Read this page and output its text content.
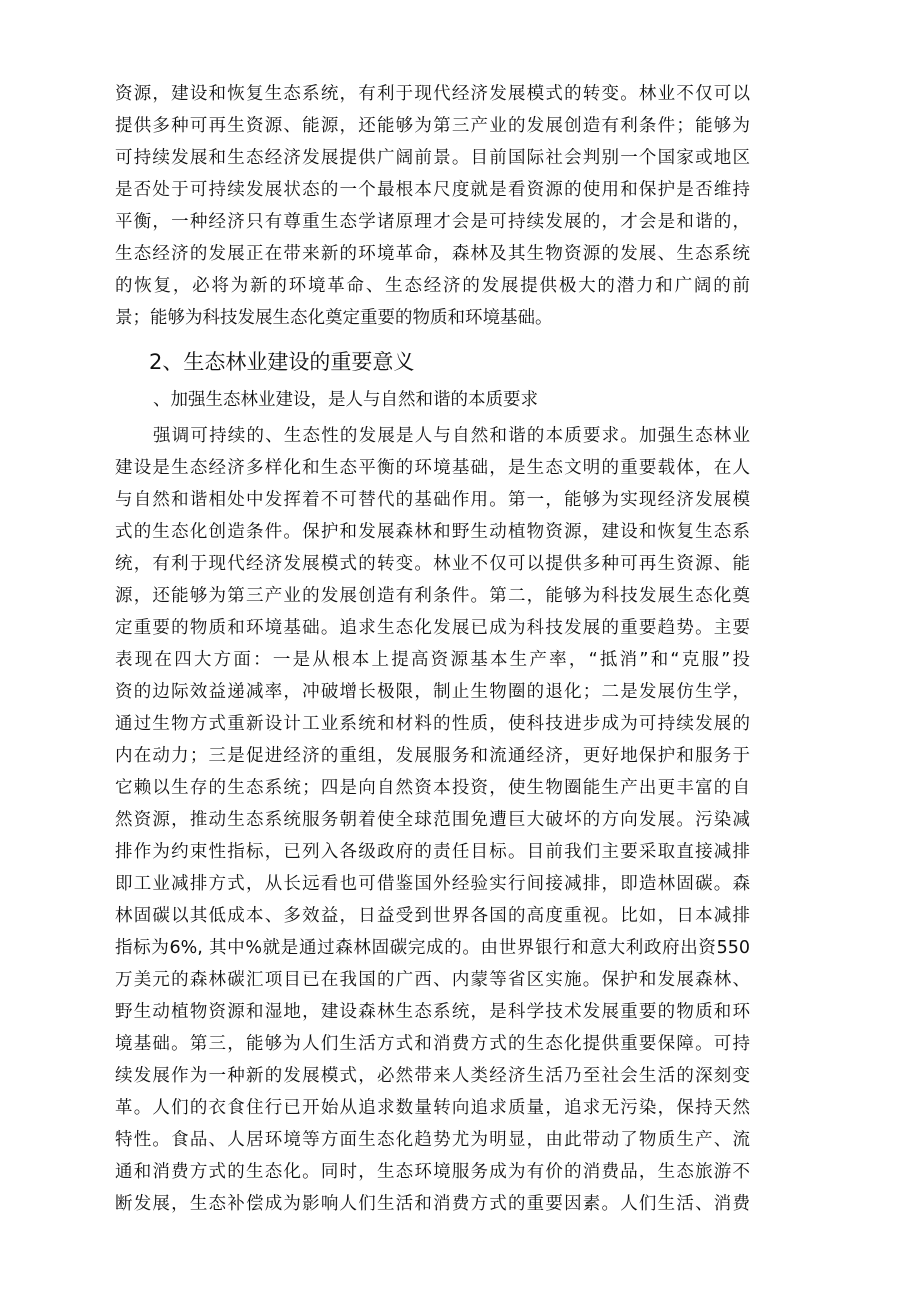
资源，建设和恢复生态系统，有利于现代经济发展模式的转变。林业不仅可以
提供多种可再生资源、能源，还能够为第三产业的发展创造有利条件；能够为
可持续发展和生态经济发展提供广阔前景。目前国际社会判别一个国家或地区
是否处于可持续发展状态的一个最根本尺度就是看资源的使用和保护是否维持
平衡，一种经济只有尊重生态学诸原理才会是可持续发展的，才会是和谐的，
生态经济的发展正在带来新的环境革命，森林及其生物资源的发展、生态系统
的恢复，必将为新的环境革命、生态经济的发展提供极大的潜力和广阔的前
景；能够为科技发展生态化奠定重要的物质和环境基础。
2、生态林业建设的重要意义
、加强生态林业建设，是人与自然和谐的本质要求
强调可持续的、生态性的发展是人与自然和谐的本质要求。加强生态林业
建设是生态经济多样化和生态平衡的环境基础，是生态文明的重要载体，在人
与自然和谐相处中发挥着不可替代的基础作用。第一，能够为实现经济发展模
式的生态化创造条件。保护和发展森林和野生动植物资源，建设和恢复生态系
统，有利于现代经济发展模式的转变。林业不仅可以提供多种可再生资源、能
源，还能够为第三产业的发展创造有利条件。第二，能够为科技发展生态化奠
定重要的物质和环境基础。追求生态化发展已成为科技发展的重要趋势。主要
表现在四大方面：一是从根本上提高资源基本生产率，“抵消”和“克服”投
资的边际效益递减率，冲破增长极限，制止生物圈的退化；二是发展仿生学，
通过生物方式重新设计工业系统和材料的性质，使科技进步成为可持续发展的
内在动力；三是促进经济的重组，发展服务和流通经济，更好地保护和服务于
它赖以生存的生态系统；四是向自然资本投资，使生物圈能生产出更丰富的自
然资源，推动生态系统服务朝着使全球范围免遭巨大破坏的方向发展。污染减
排作为约束性指标，已列入各级政府的责任目标。目前我们主要采取直接减排
即工业减排方式，从长远看也可借鉴国外经验实行间接减排，即造林固碳。森
林固碳以其低成本、多效益，日益受到世界各国的高度重视。比如，日本减排
指标为6%, 其中%就是通过森林固碳完成的。由世界银行和意大利政府出资550
万美元的森林碳汇项目已在我国的广西、内蒙等省区实施。保护和发展森林、
野生动植物资源和湿地，建设森林生态系统，是科学技术发展重要的物质和环
境基础。第三，能够为人们生活方式和消费方式的生态化提供重要保障。可持
续发展作为一种新的发展模式，必然带来人类经济生活乃至社会生活的深刻变
革。人们的衣食住行已开始从追求数量转向追求质量，追求无污染，保持天然
特性。食品、人居环境等方面生态化趋势尤为明显，由此带动了物质生产、流
通和消费方式的生态化。同时，生态环境服务成为有价的消费品，生态旅游不
断发展，生态补偿成为影响人们生活和消费方式的重要因素。人们生活、消费
